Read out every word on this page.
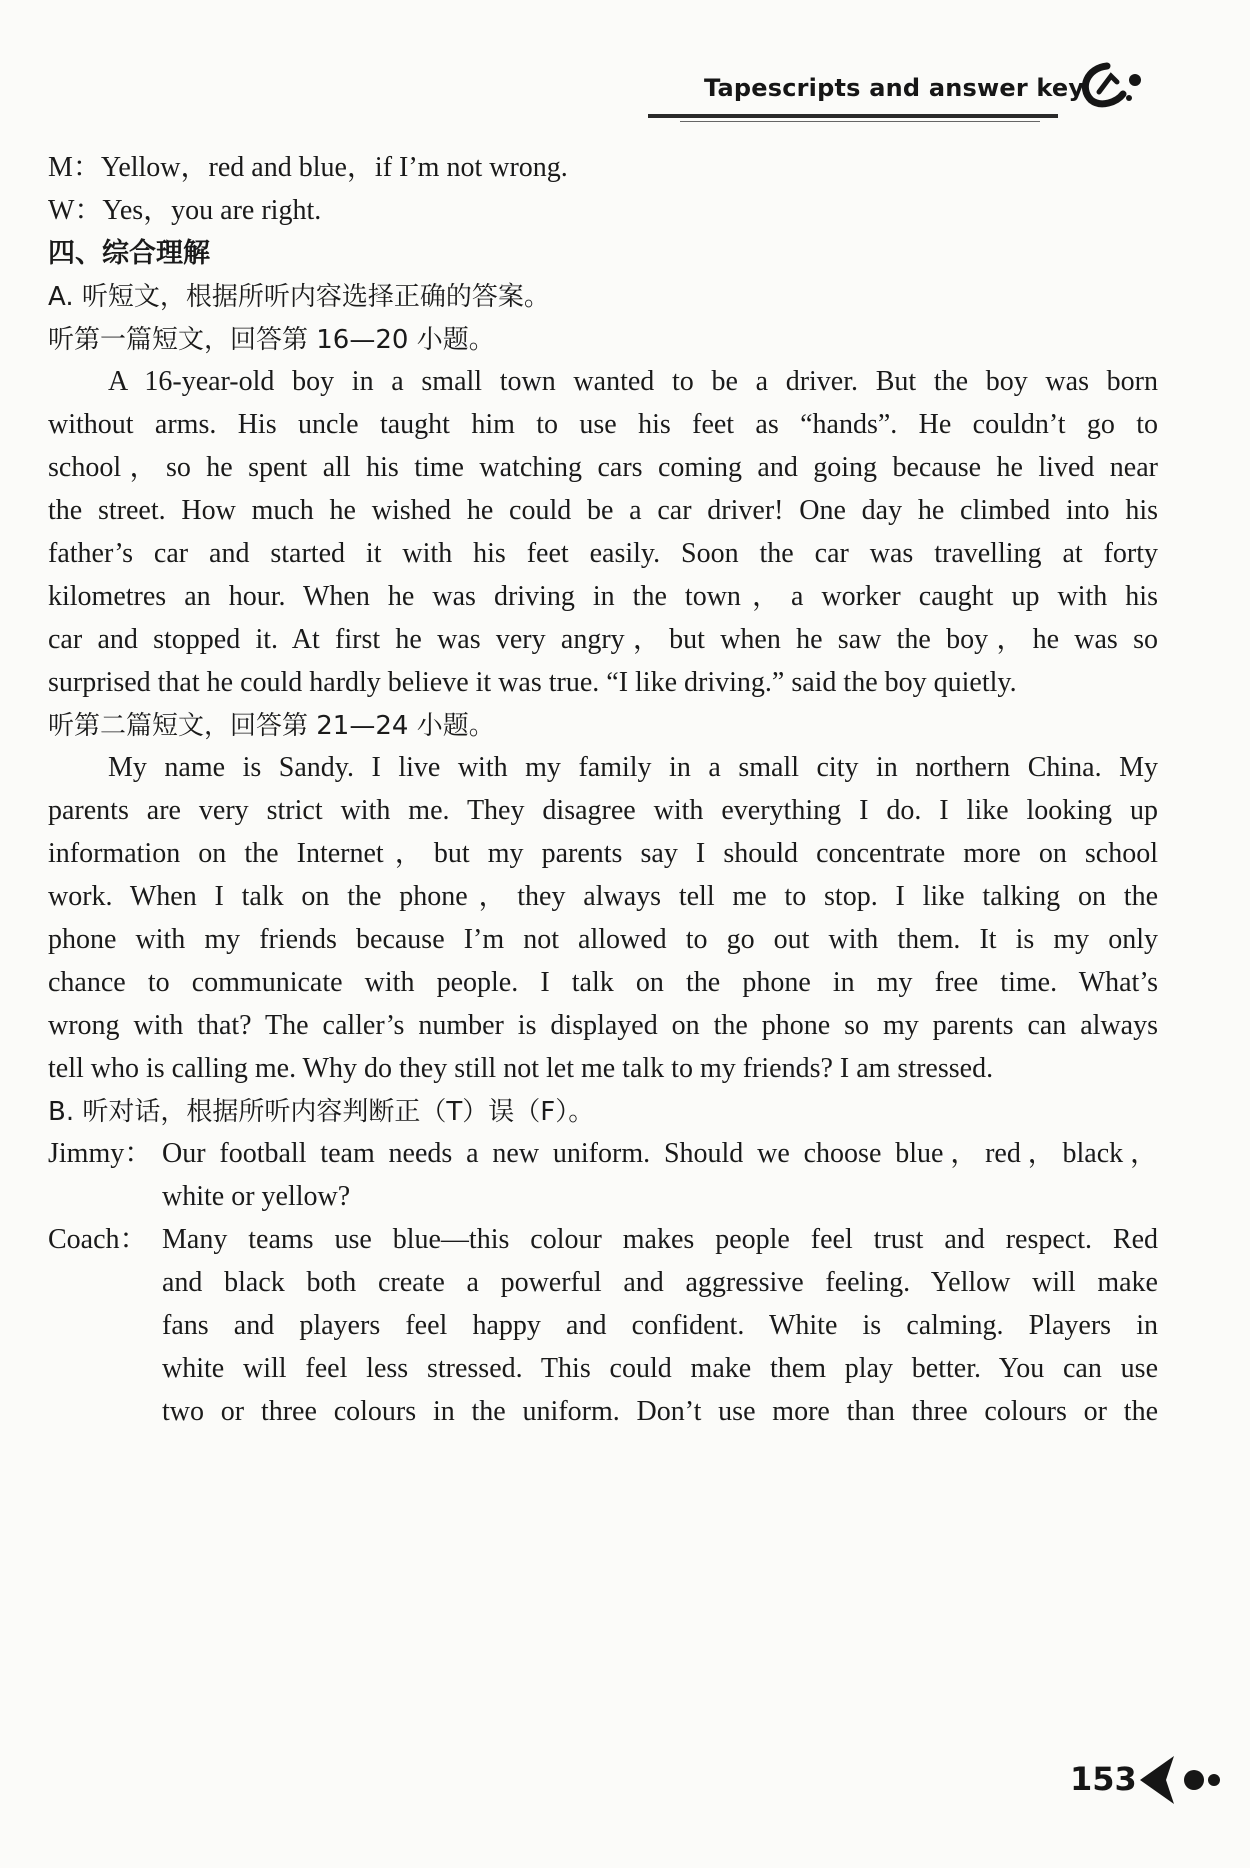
Tapescripts and answer key
M：Yellow，red and blue，if I’m not wrong.
W：Yes，you are right.
四、综合理解
A. 听短文，根据所听内容选择正确的答案。
听第一篇短文，回答第 16—20 小题。
A 16-year-old boy in a small town wanted to be a driver. But the boy was born
without arms. His uncle taught him to use his feet as “hands”. He couldn’t go to
school，so he spent all his time watching cars coming and going because he lived near
the street. How much he wished he could be a car driver! One day he climbed into his
father’s car and started it with his feet easily. Soon the car was travelling at forty
kilometres an hour. When he was driving in the town，a worker caught up with his
car and stopped it. At first he was very angry，but when he saw the boy，he was so
surprised that he could hardly believe it was true. “I like driving.” said the boy quietly.
听第二篇短文，回答第 21—24 小题。
My name is Sandy. I live with my family in a small city in northern China. My
parents are very strict with me. They disagree with everything I do. I like looking up
information on the Internet，but my parents say I should concentrate more on school
work. When I talk on the phone，they always tell me to stop. I like talking on the
phone with my friends because I’m not allowed to go out with them. It is my only
chance to communicate with people. I talk on the phone in my free time. What’s
wrong with that? The caller’s number is displayed on the phone so my parents can always
tell who is calling me. Why do they still not let me talk to my friends? I am stressed.
B. 听对话，根据所听内容判断正（T）误（F）。
Jimmy： Our football team needs a new uniform. Should we choose blue，red，black，
white or yellow?
Coach： Many teams use blue—this colour makes people feel trust and respect. Red
and black both create a powerful and aggressive feeling. Yellow will make
fans and players feel happy and confident. White is calming. Players in
white will feel less stressed. This could make them play better. You can use
two or three colours in the uniform. Don’t use more than three colours or the
153
